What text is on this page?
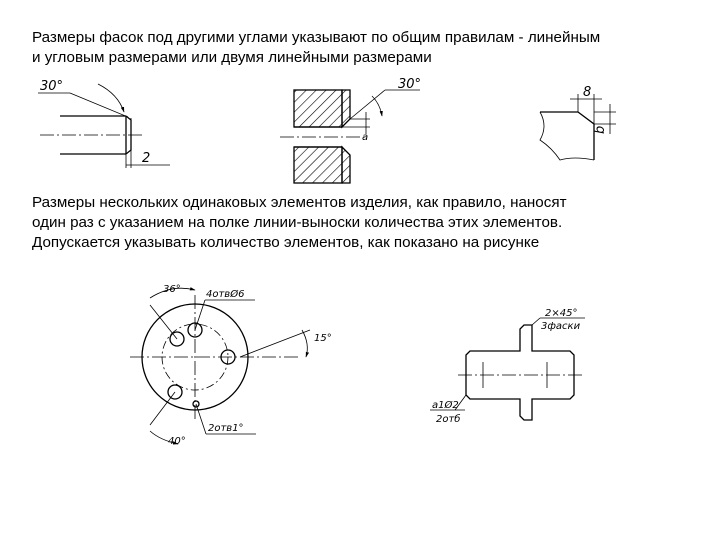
Размеры фасок под другими углами указывают по общим правилам - линейным
и угловым размерами или двумя линейными размерами
Размеры нескольких одинаковых элементов изделия, как правило, наносят
один раз с указанием на полке линии-выноски количества этих элементов.
Допускается указывать количество элементов, как показано на рисунке
30°
2
30°
a
8
b
36°	4отвØ6
15°
40°
2отв1°
2×45°
3фаски
а1Ø2
2отб
